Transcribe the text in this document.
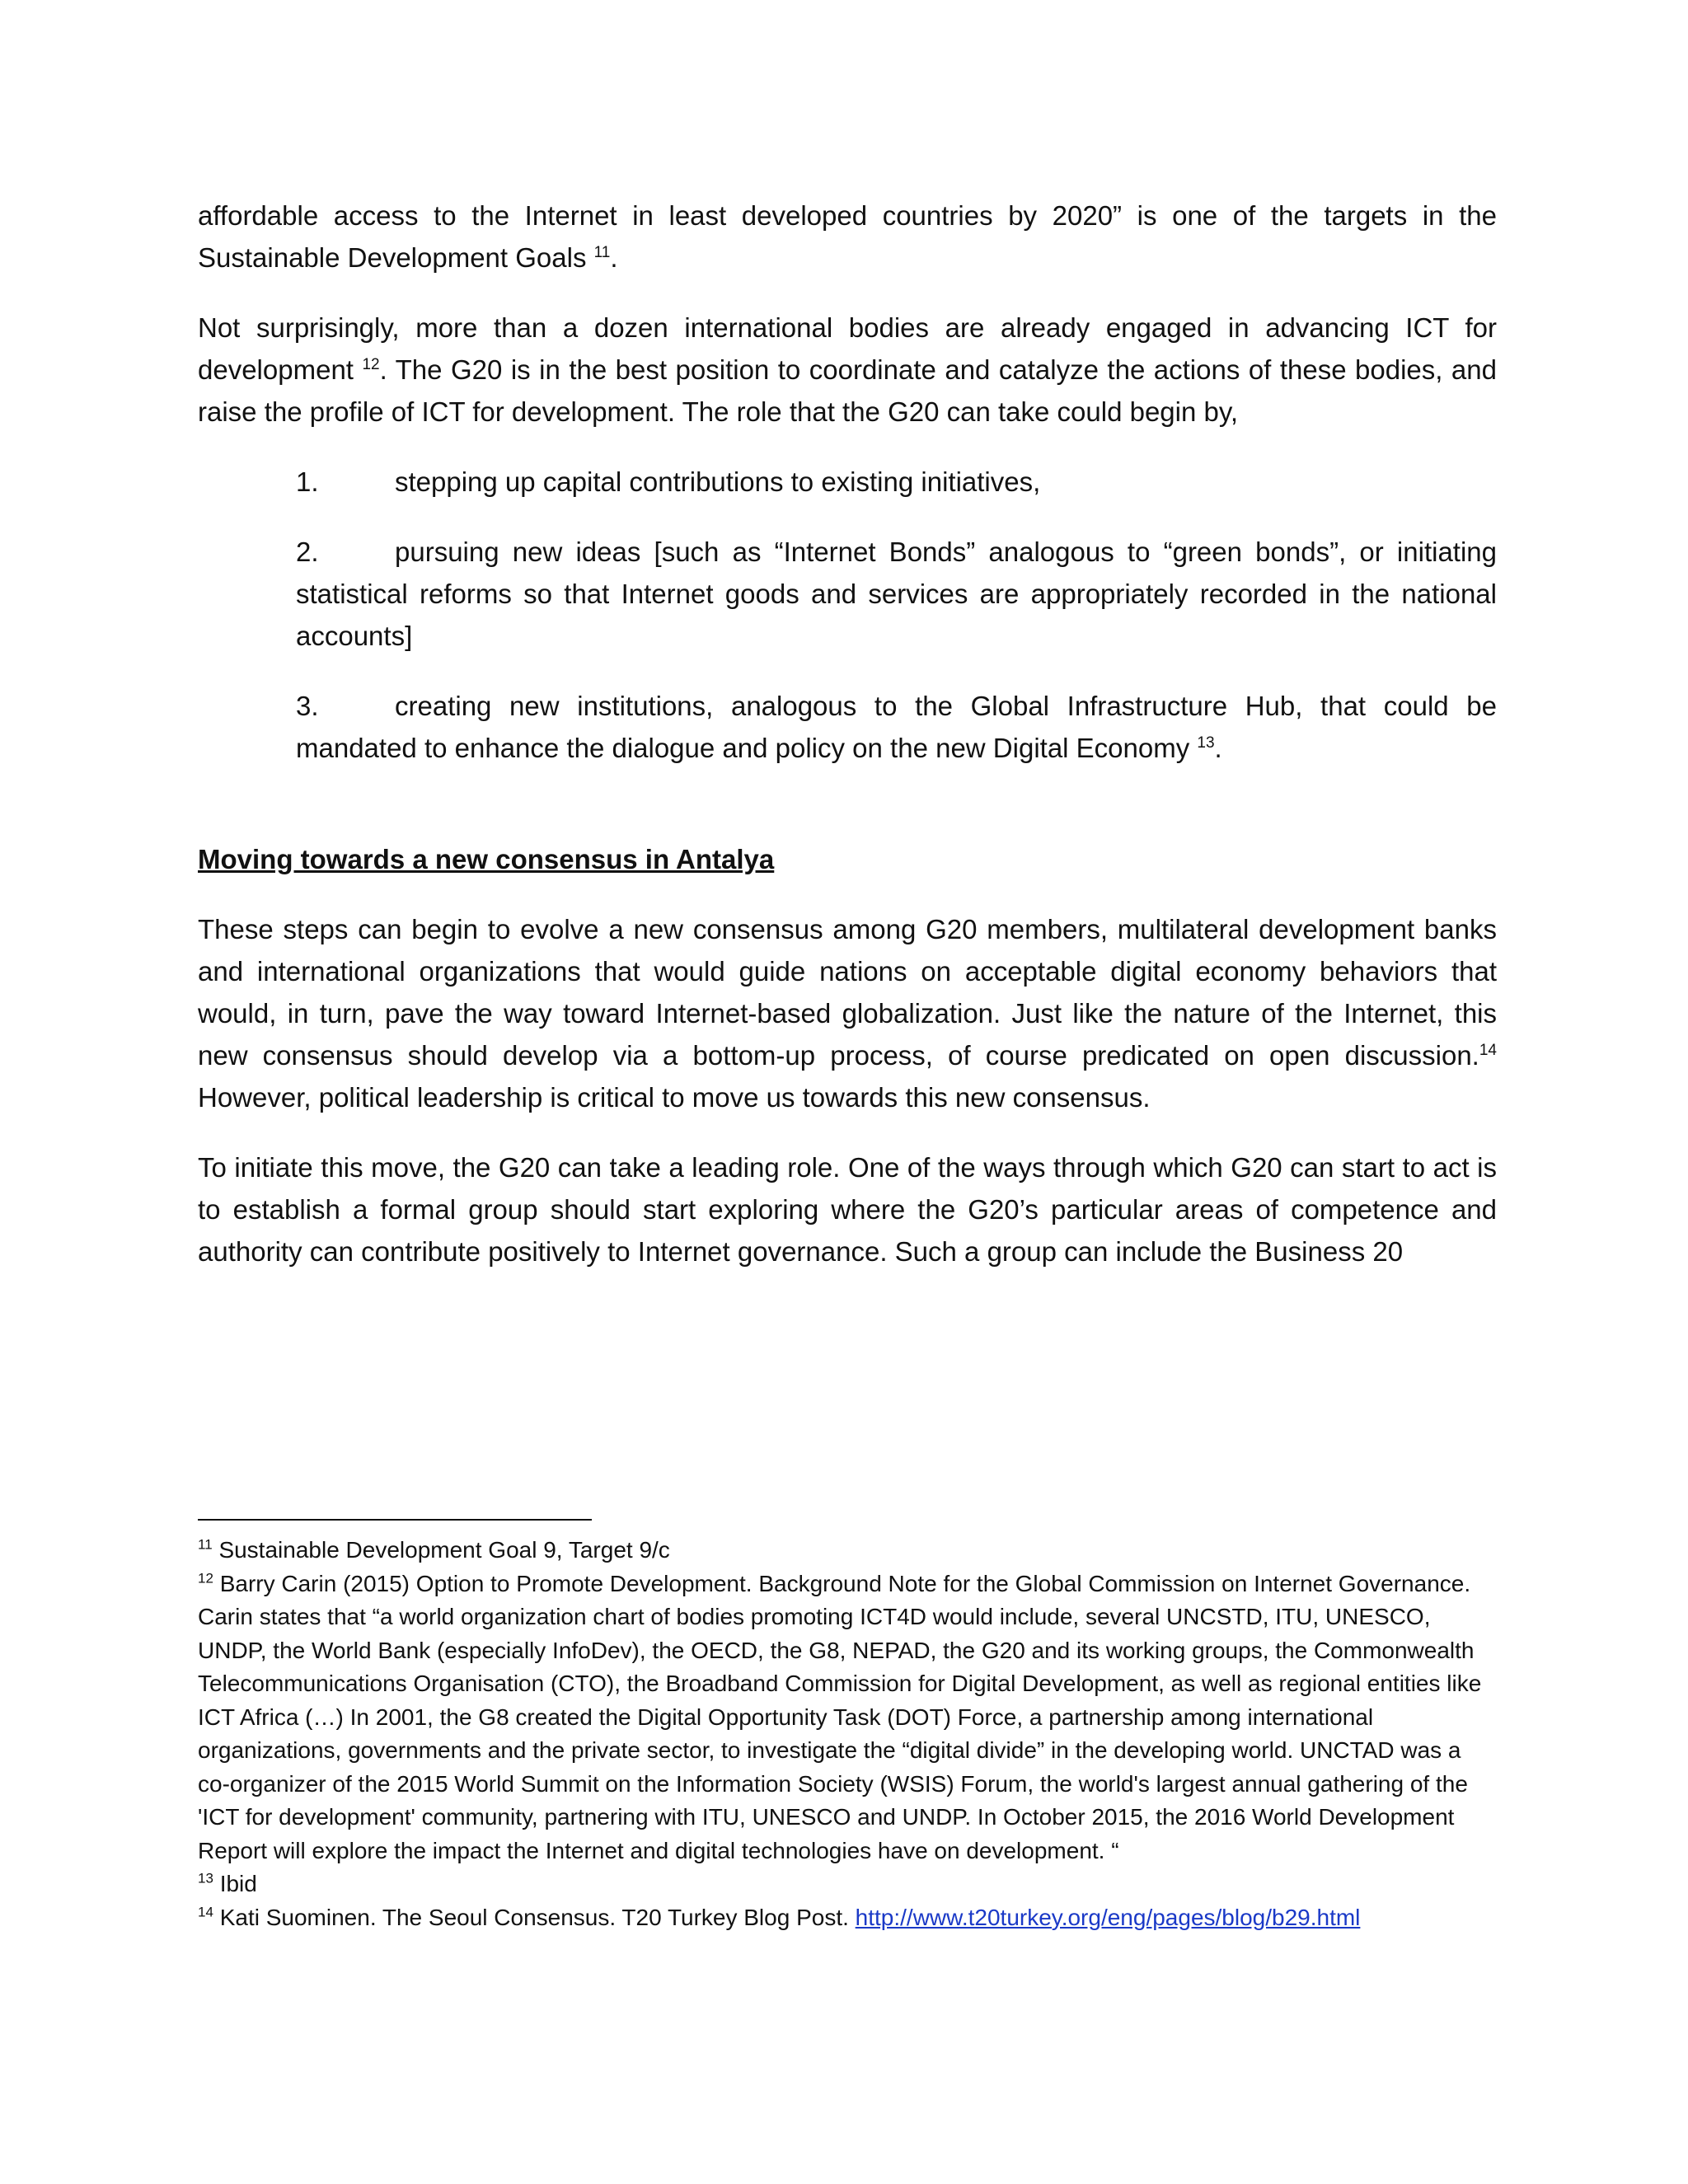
affordable access to the Internet in least developed countries by 2020” is one of the targets in the Sustainable Development Goals $^{11}$.

Not surprisingly, more than a dozen international bodies are already engaged in advancing ICT for development $^{12}$. The G20 is in the best position to coordinate and catalyze the actions of these bodies, and raise the profile of ICT for development. The role that the G20 can take could begin by,

1.	stepping up capital contributions to existing initiatives,
2.	pursuing new ideas [such as “Internet Bonds” analogous to “green bonds”, or initiating statistical reforms so that Internet goods and services are appropriately recorded in the national accounts]
3.	creating new institutions, analogous to the Global Infrastructure Hub, that could be mandated to enhance the dialogue and policy on the new Digital Economy $^{13}$.
Moving towards a new consensus in Antalya

These steps can begin to evolve a new consensus among G20 members, multilateral development banks and international organizations that would guide nations on acceptable digital economy behaviors that would, in turn, pave the way toward Internet-based globalization. Just like the nature of the Internet, this new consensus should develop via a bottom-up process, of course predicated on open discussion.$^{14}$ However, political leadership is critical to move us towards this new consensus.

To initiate this move, the G20 can take a leading role. One of the ways through which G20 can start to act is to establish a formal group should start exploring where the G20’s particular areas of competence and authority can contribute positively to Internet governance. Such a group can include the Business 20

$^{11}$ Sustainable Development Goal 9, Target 9/c
$^{12}$ Barry Carin (2015) Option to Promote Development. Background Note for the Global Commission on Internet Governance. Carin states that “a world organization chart of bodies promoting ICT4D would include, several UNCSTD, ITU, UNESCO, UNDP, the World Bank (especially InfoDev), the OECD, the G8, NEPAD, the G20 and its working groups, the Commonwealth Telecommunications Organisation (CTO), the Broadband Commission for Digital Development, as well as regional entities like ICT Africa (…) In 2001, the G8 created the Digital Opportunity Task (DOT) Force, a partnership among international organizations, governments and the private sector, to investigate the “digital divide” in the developing world. UNCTAD was a co-organizer of the 2015 World Summit on the Information Society (WSIS) Forum, the world's largest annual gathering of the 'ICT for development' community, partnering with ITU, UNESCO and UNDP. In October 2015, the 2016 World Development Report will explore the impact the Internet and digital technologies have on development. “
$^{13}$ Ibid
$^{14}$ Kati Suominen. The Seoul Consensus. T20 Turkey Blog Post. http://www.t20turkey.org/eng/pages/blog/b29.html
